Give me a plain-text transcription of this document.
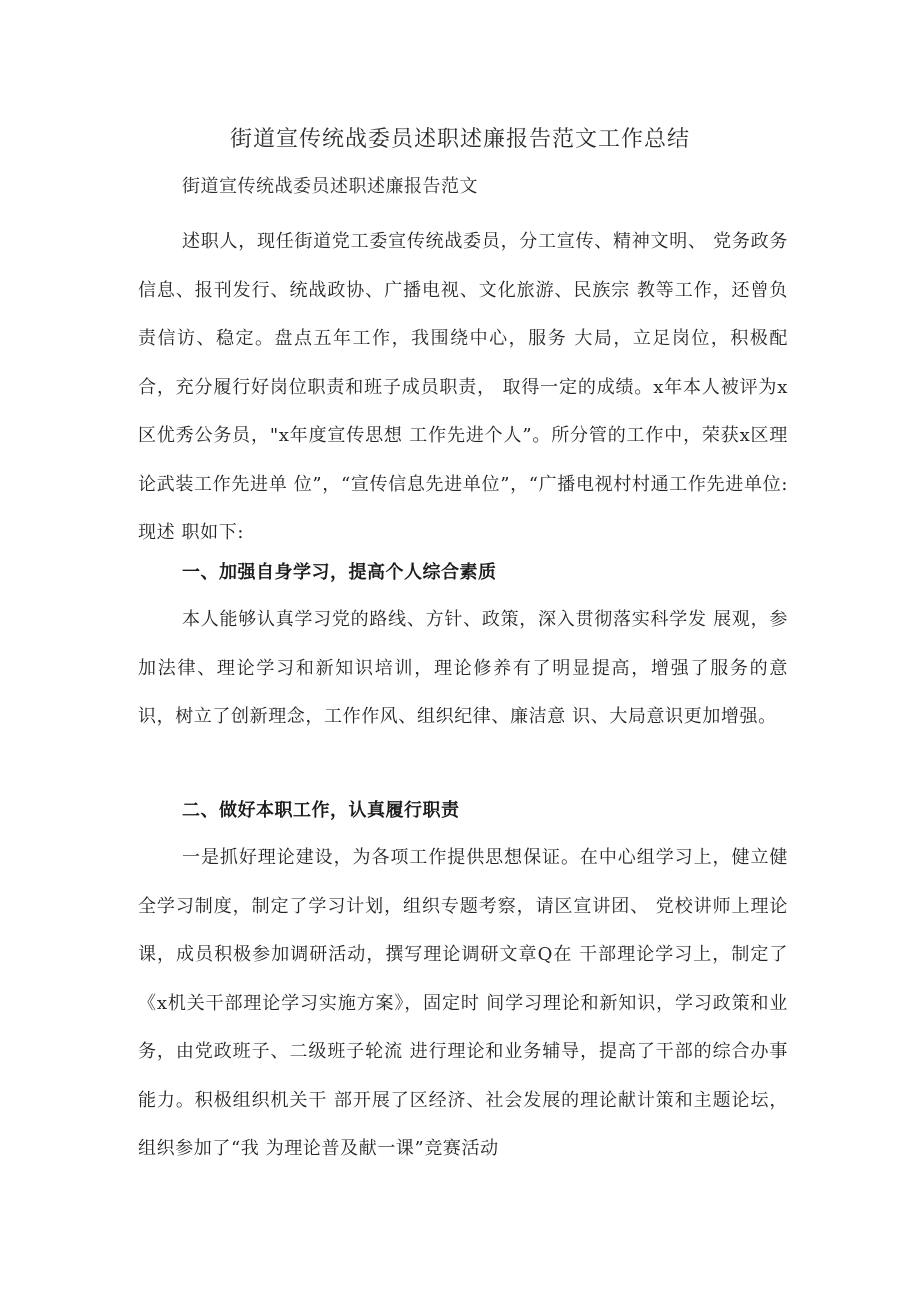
街道宣传统战委员述职述廉报告范文工作总结
街道宣传统战委员述职述廉报告范文

述职人，现任街道党工委宣传统战委员，分工宣传、精神文明、 党务政务信息、报刊发行、统战政协、广播电视、文化旅游、民族宗 教等工作，还曾负责信访、稳定。盘点五年工作，我围绕中心，服务 大局，立足岗位，积极配合，充分履行好岗位职责和班子成员职责， 取得一定的成绩。x年本人被评为x区优秀公务员，"x年度宣传思想 工作先进个人”。所分管的工作中，荣获x区理论武装工作先进单 位”，“宣传信息先进单位”，“广播电视村村通工作先进单位:现述 职如下:

一、加强自身学习，提高个人综合素质

本人能够认真学习党的路线、方针、政策，深入贯彻落实科学发 展观，参加法律、理论学习和新知识培训，理论修养有了明显提高，增强了服务的意识，树立了创新理念，工作作风、组织纪律、廉洁意 识、大局意识更加增强。

二、做好本职工作，认真履行职责

一是抓好理论建设，为各项工作提供思想保证。在中心组学习上，健立健全学习制度，制定了学习计划，组织专题考察，请区宣讲团、 党校讲师上理论课，成员积极参加调研活动，撰写理论调研文章Q在 干部理论学习上，制定了《x机关干部理论学习实施方案》，固定时 间学习理论和新知识，学习政策和业务，由党政班子、二级班子轮流 进行理论和业务辅导，提高了干部的综合办事能力。积极组织机关干 部开展了区经济、社会发展的理论献计策和主题论坛，组织参加了“我 为理论普及献一课”竞赛活动
